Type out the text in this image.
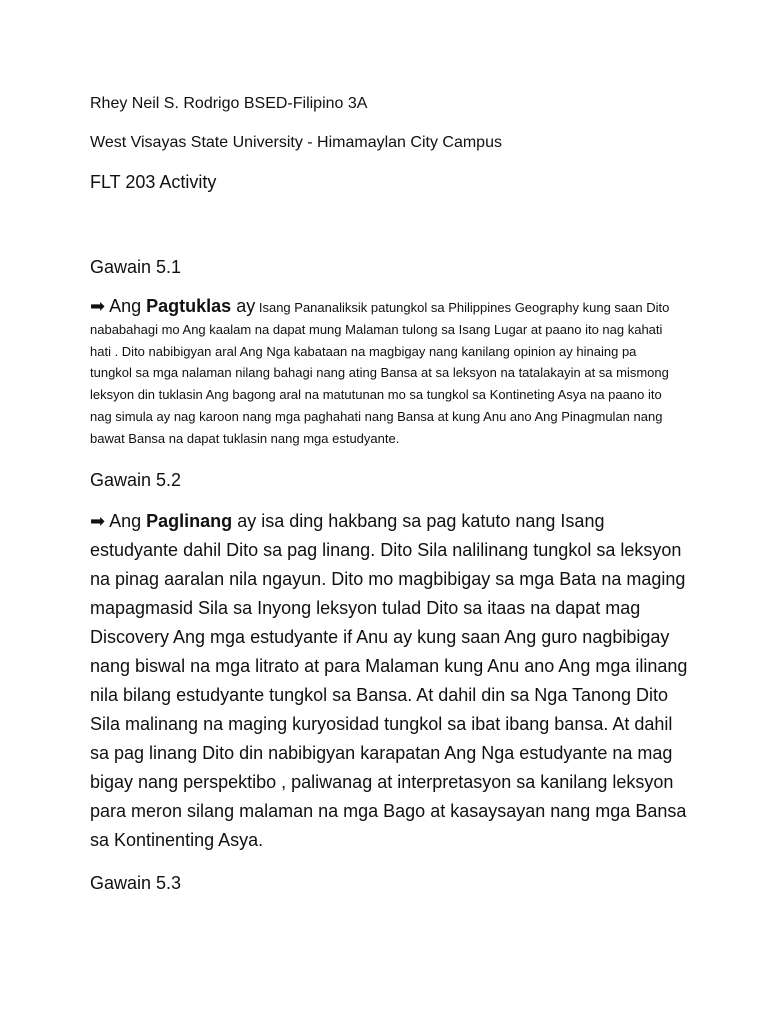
Rhey Neil S. Rodrigo BSED-Filipino 3A

West Visayas State University - Himamaylan City Campus

FLT 203 Activity

Gawain 5.1

➡ Ang Pagtuklas ay Isang Pananaliksik patungkol sa Philippines Geography kung saan Dito nababahagi mo Ang kaalam na dapat mung Malaman tulong sa Isang Lugar at paano ito nag kahati hati . Dito nabibigyan aral Ang Nga kabataan na magbigay nang kanilang opinion ay hinaing pa tungkol sa mga nalaman nilang bahagi nang ating Bansa at sa leksyon na tatalakayin at sa mismong leksyon din tuklasin Ang bagong aral na matutunan mo sa tungkol sa Kontineting Asya na paano ito nag simula ay nag karoon nang mga paghahati nang Bansa at kung Anu ano Ang Pinagmulan nang bawat Bansa na dapat tuklasin nang mga estudyante.

Gawain 5.2

➡ Ang Paglinang ay isa ding hakbang sa pag katuto nang Isang estudyante dahil Dito sa pag linang. Dito Sila nalilinang tungkol sa leksyon na pinag aaralan nila ngayun. Dito mo magbibigay sa mga Bata na maging mapagmasid Sila sa Inyong leksyon tulad Dito sa itaas na dapat mag Discovery Ang mga estudyante if Anu ay kung saan Ang guro nagbibigay nang biswal na mga litrato at para Malaman kung Anu ano Ang mga ilinang nila bilang estudyante tungkol sa Bansa. At dahil din sa Nga Tanong Dito Sila malinang na maging kuryosidad tungkol sa ibat ibang bansa. At dahil sa pag linang Dito din nabibigyan karapatan Ang Nga estudyante na mag bigay nang perspektibo , paliwanag at interpretasyon sa kanilang leksyon para meron silang malaman na mga Bago at kasaysayan nang mga Bansa sa Kontinenting Asya.

Gawain 5.3
